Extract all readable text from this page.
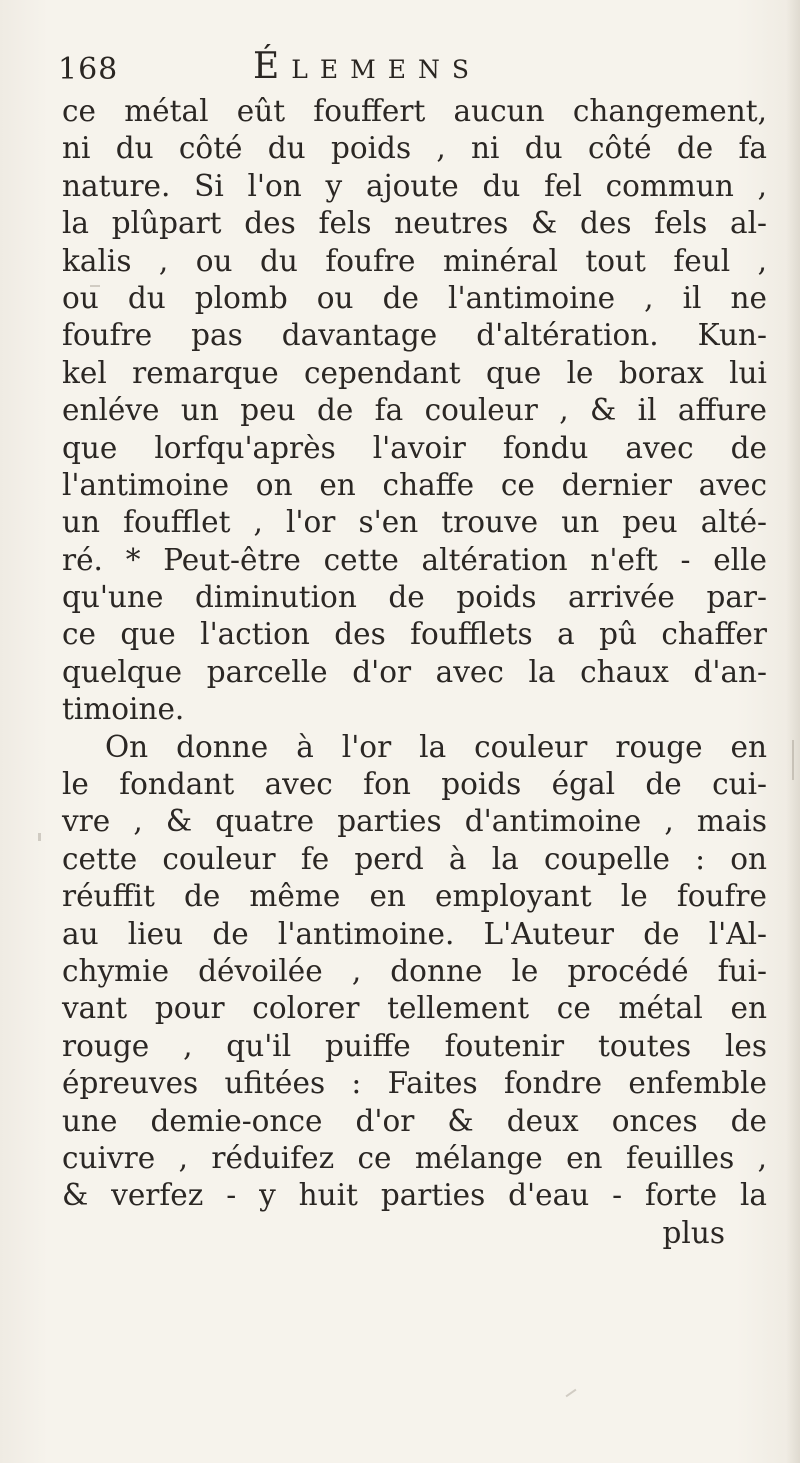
168	Élemens
ce métal eût fouffert aucun changement,
ni du côté du poids , ni du côté de fa
nature. Si l'on y ajoute du fel commun ,
la plûpart des fels neutres & des fels al-
kalis , ou du foufre minéral tout feul ,
ou du plomb ou de l'antimoine , il ne
foufre pas davantage d'altération. Kun-
kel remarque cependant que le borax lui
enléve un peu de fa couleur , & il affure
que lorfqu'après l'avoir fondu avec de
l'antimoine on en chaffe ce dernier avec
un foufflet , l'or s'en trouve un peu alté-
ré. * Peut-être cette altération n'eft - elle
qu'une diminution de poids arrivée par-
ce que l'action des foufflets a pû chaffer
quelque parcelle d'or avec la chaux d'an-
timoine.
On donne à l'or la couleur rouge en
le fondant avec fon poids égal de cui-
vre , & quatre parties d'antimoine , mais
cette couleur fe perd à la coupelle : on
réuffit de même en employant le foufre
au lieu de l'antimoine. L'Auteur de l'Al-
chymie dévoilée , donne le procédé fui-
vant pour colorer tellement ce métal en
rouge , qu'il puiffe foutenir toutes les
épreuves ufitées : Faites fondre enfemble
une demie-once d'or & deux onces de
cuivre , réduifez ce mélange en feuilles ,
& verfez - y huit parties d'eau - forte la
plus
